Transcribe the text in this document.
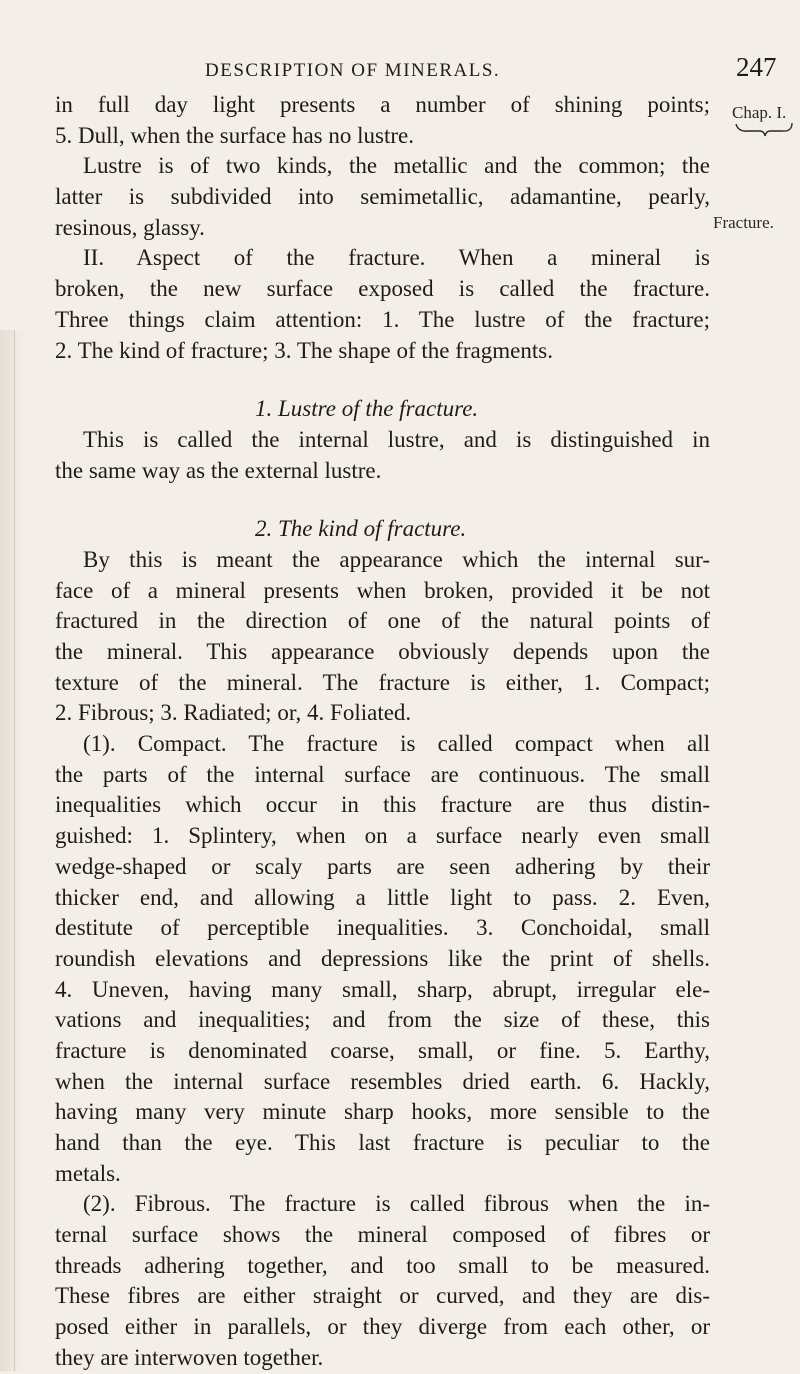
DESCRIPTION OF MINERALS.	247
Chap. I.
Fracture.
in full day light presents a number of shining points;
5. Dull, when the surface has no lustre.
Lustre is of two kinds, the metallic and the common; the
latter is subdivided into semimetallic, adamantine, pearly,
resinous, glassy.
II. Aspect of the fracture. When a mineral is
broken, the new surface exposed is called the fracture.
Three things claim attention: 1. The lustre of the fracture;
2. The kind of fracture; 3. The shape of the fragments.
1. Lustre of the fracture.
This is called the internal lustre, and is distinguished in
the same way as the external lustre.
2. The kind of fracture.
By this is meant the appearance which the internal sur-
face of a mineral presents when broken, provided it be not
fractured in the direction of one of the natural points of
the mineral. This appearance obviously depends upon the
texture of the mineral. The fracture is either, 1. Compact;
2. Fibrous; 3. Radiated; or, 4. Foliated.
(1). Compact. The fracture is called compact when all
the parts of the internal surface are continuous. The small
inequalities which occur in this fracture are thus distin-
guished: 1. Splintery, when on a surface nearly even small
wedge-shaped or scaly parts are seen adhering by their
thicker end, and allowing a little light to pass. 2. Even,
destitute of perceptible inequalities. 3. Conchoidal, small
roundish elevations and depressions like the print of shells.
4. Uneven, having many small, sharp, abrupt, irregular ele-
vations and inequalities; and from the size of these, this
fracture is denominated coarse, small, or fine. 5. Earthy,
when the internal surface resembles dried earth. 6. Hackly,
having many very minute sharp hooks, more sensible to the
hand than the eye. This last fracture is peculiar to the
metals.
(2). Fibrous. The fracture is called fibrous when the in-
ternal surface shows the mineral composed of fibres or
threads adhering together, and too small to be measured.
These fibres are either straight or curved, and they are dis-
posed either in parallels, or they diverge from each other, or
they are interwoven together.
